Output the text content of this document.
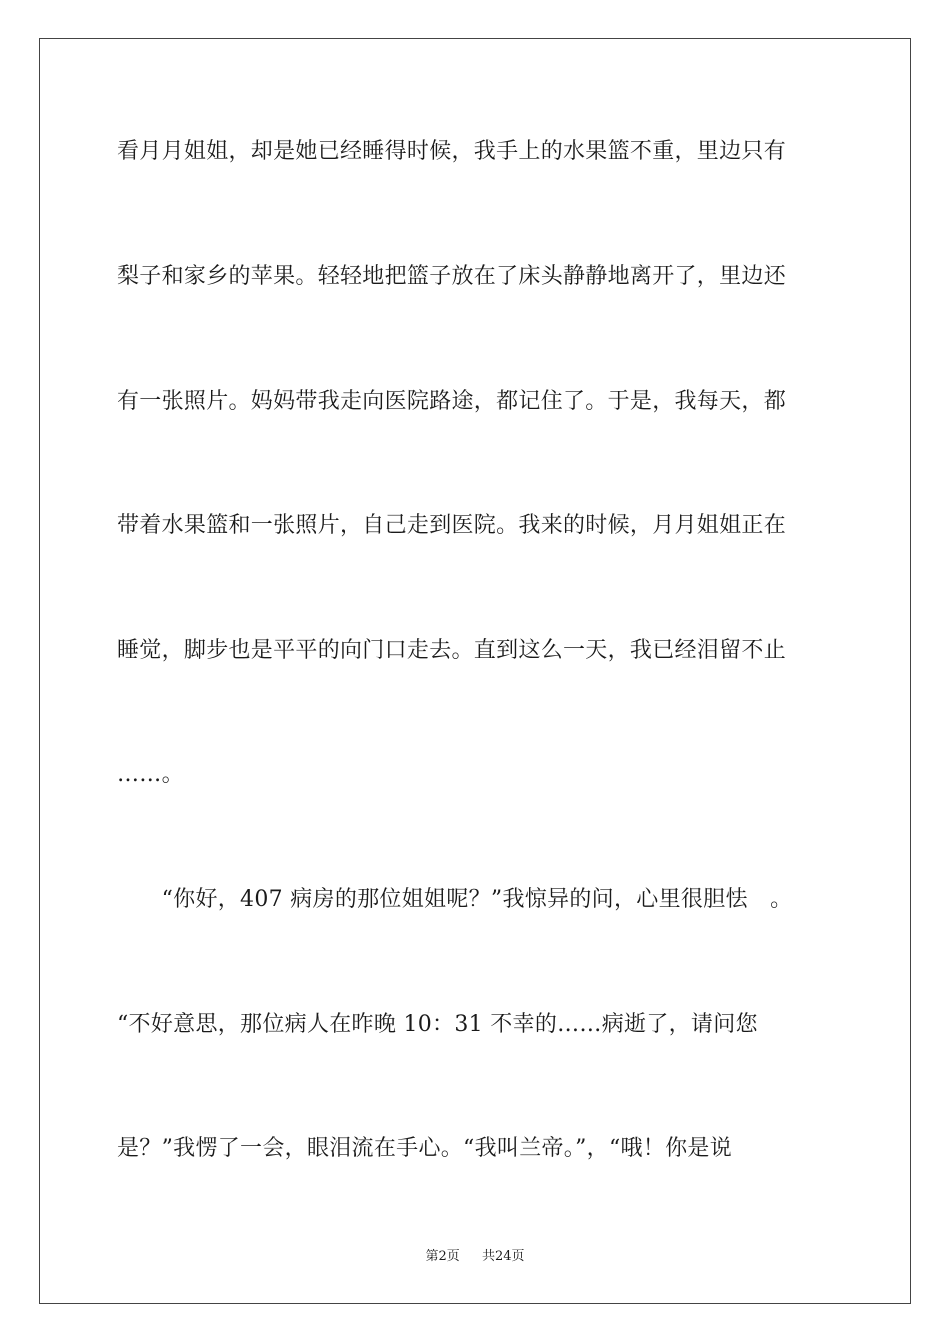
看月月姐姐，却是她已经睡得时候，我手上的水果篮不重，里边只有
梨子和家乡的苹果。轻轻地把篮子放在了床头静静地离开了，里边还
有一张照片。妈妈带我走向医院路途，都记住了。于是，我每天，都
带着水果篮和一张照片，自己走到医院。我来的时候，月月姐姐正在
睡觉，脚步也是平平的向门口走去。直到这么一天，我已经泪留不止
……。
　　“你好，407 病房的那位姐姐呢？”我惊异的问，心里很胆怯　。
“不好意思，那位病人在昨晚 10：31 不幸的……病逝了，请问您
是？”我愣了一会，眼泪流在手心。“我叫兰帝。”，“哦！你是说
第2页 共24页
